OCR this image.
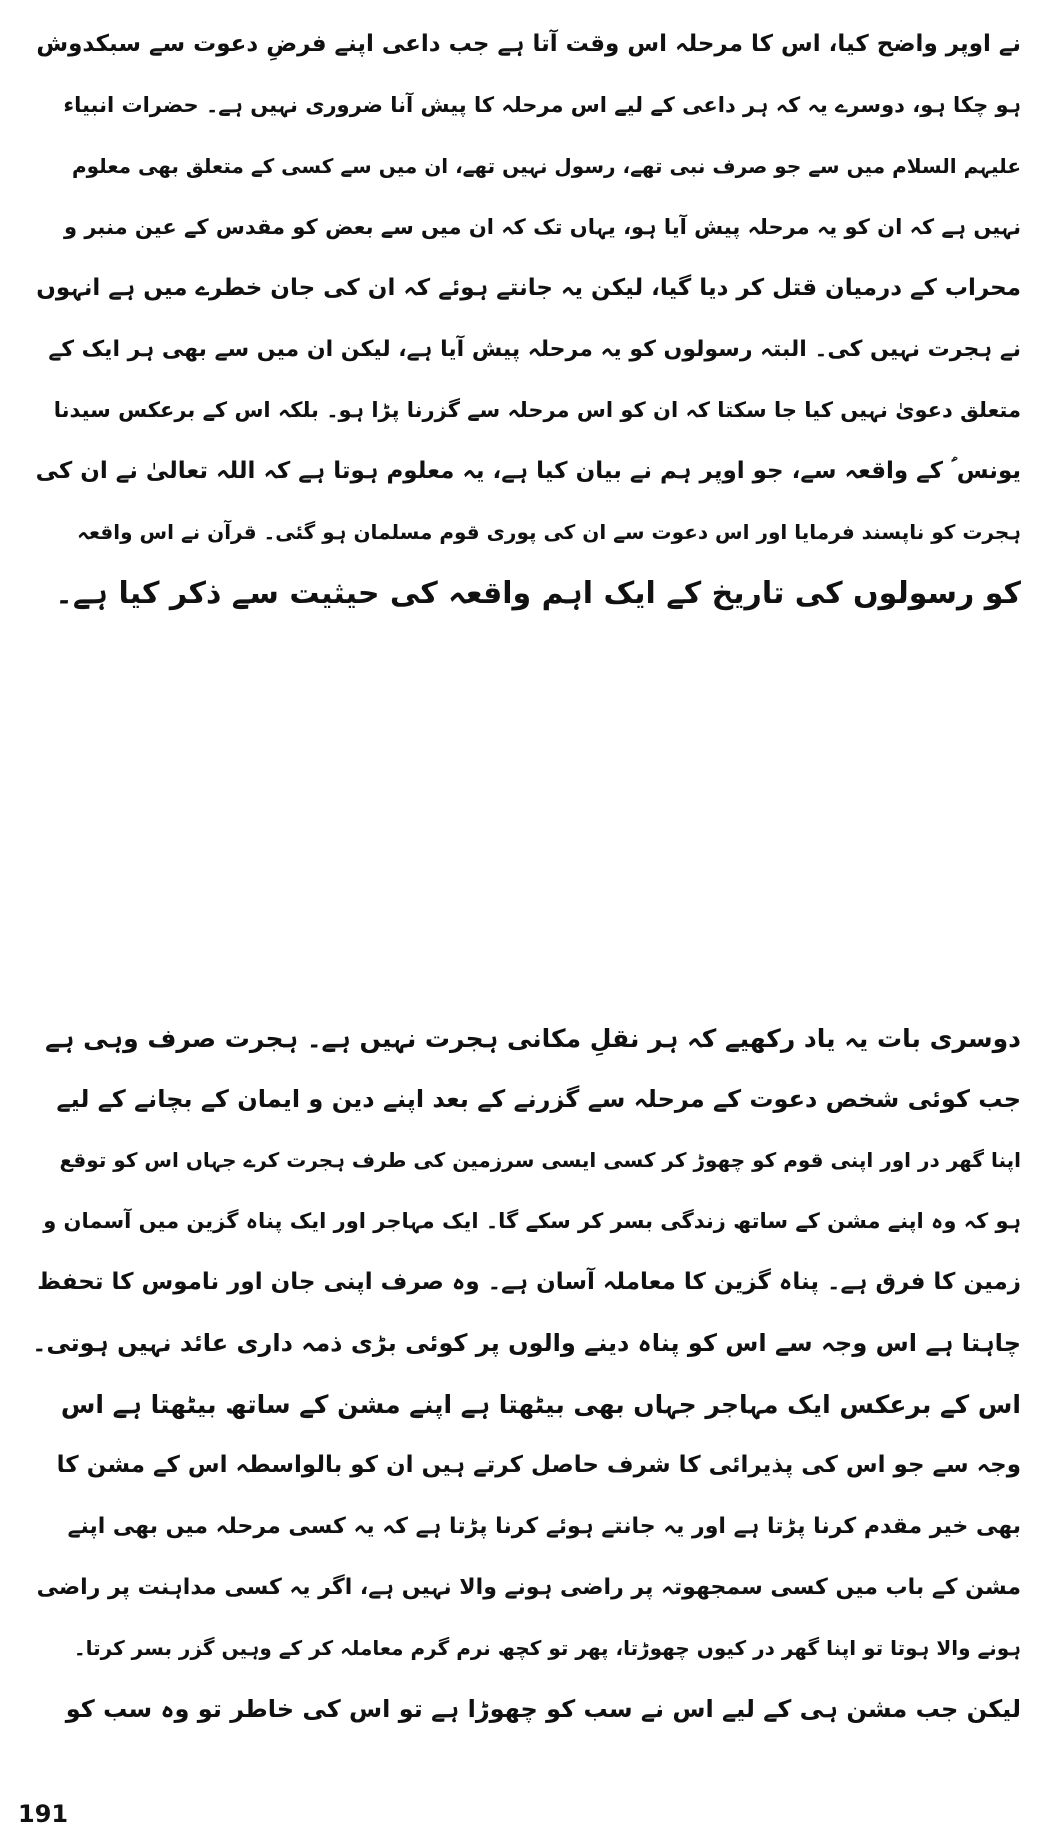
نے اوپر واضح کیا، اس کا مرحلہ اس وقت آتا ہے جب داعی اپنے فرضِ دعوت سے سبکدوش
ہو چکا ہو، دوسرے یہ کہ ہر داعی کے لیے اس مرحلہ کا پیش آنا ضروری نہیں ہے۔ حضرات انبیاء
علیہم السلام میں سے جو صرف نبی تھے، رسول نہیں تھے، ان میں سے کسی کے متعلق بھی معلوم
نہیں ہے کہ ان کو یہ مرحلہ پیش آیا ہو، یہاں تک کہ ان میں سے بعض کو مقدس کے عین منبر و
محراب کے درمیان قتل کر دیا گیا، لیکن یہ جانتے ہوئے کہ ان کی جان خطرے میں ہے انہوں
نے ہجرت نہیں کی۔ البتہ رسولوں کو یہ مرحلہ پیش آیا ہے، لیکن ان میں سے بھی ہر ایک کے
متعلق دعویٰ نہیں کیا جا سکتا کہ ان کو اس مرحلہ سے گزرنا پڑا ہو۔ بلکہ اس کے برعکس سیدنا
یونس ؑ کے واقعہ سے، جو اوپر ہم نے بیان کیا ہے، یہ معلوم ہوتا ہے کہ اللہ تعالیٰ نے ان کی
ہجرت کو ناپسند فرمایا اور اس دعوت سے ان کی پوری قوم مسلمان ہو گئی۔ قرآن نے اس واقعہ
کو رسولوں کی تاریخ کے ایک اہم واقعہ کی حیثیت سے ذکر کیا ہے۔
دوسری بات یہ یاد رکھیے کہ ہر نقلِ مکانی ہجرت نہیں ہے۔ ہجرت صرف وہی ہے
جب کوئی شخص دعوت کے مرحلہ سے گزرنے کے بعد اپنے دین و ایمان کے بچانے کے لیے
اپنا گھر در اور اپنی قوم کو چھوڑ کر کسی ایسی سرزمین کی طرف ہجرت کرے جہاں اس کو توقع
ہو کہ وہ اپنے مشن کے ساتھ زندگی بسر کر سکے گا۔ ایک مہاجر اور ایک پناہ گزین میں آسمان و
زمین کا فرق ہے۔ پناہ گزین کا معاملہ آسان ہے۔ وہ صرف اپنی جان اور ناموس کا تحفظ
چاہتا ہے اس وجہ سے اس کو پناہ دینے والوں پر کوئی بڑی ذمہ داری عائد نہیں ہوتی۔
اس کے برعکس ایک مہاجر جہاں بھی بیٹھتا ہے اپنے مشن کے ساتھ بیٹھتا ہے اس
وجہ سے جو اس کی پذیرائی کا شرف حاصل کرتے ہیں ان کو بالواسطہ اس کے مشن کا
بھی خیر مقدم کرنا پڑتا ہے اور یہ جانتے ہوئے کرنا پڑتا ہے کہ یہ کسی مرحلہ میں بھی اپنے
مشن کے باب میں کسی سمجھوتہ پر راضی ہونے والا نہیں ہے، اگر یہ کسی مداہنت پر راضی
ہونے والا ہوتا تو اپنا گھر در کیوں چھوڑتا، پھر تو کچھ نرم گرم معاملہ کر کے وہیں گزر بسر کرتا۔
لیکن جب مشن ہی کے لیے اس نے سب کو چھوڑا ہے تو اس کی خاطر تو وہ سب کو
191
